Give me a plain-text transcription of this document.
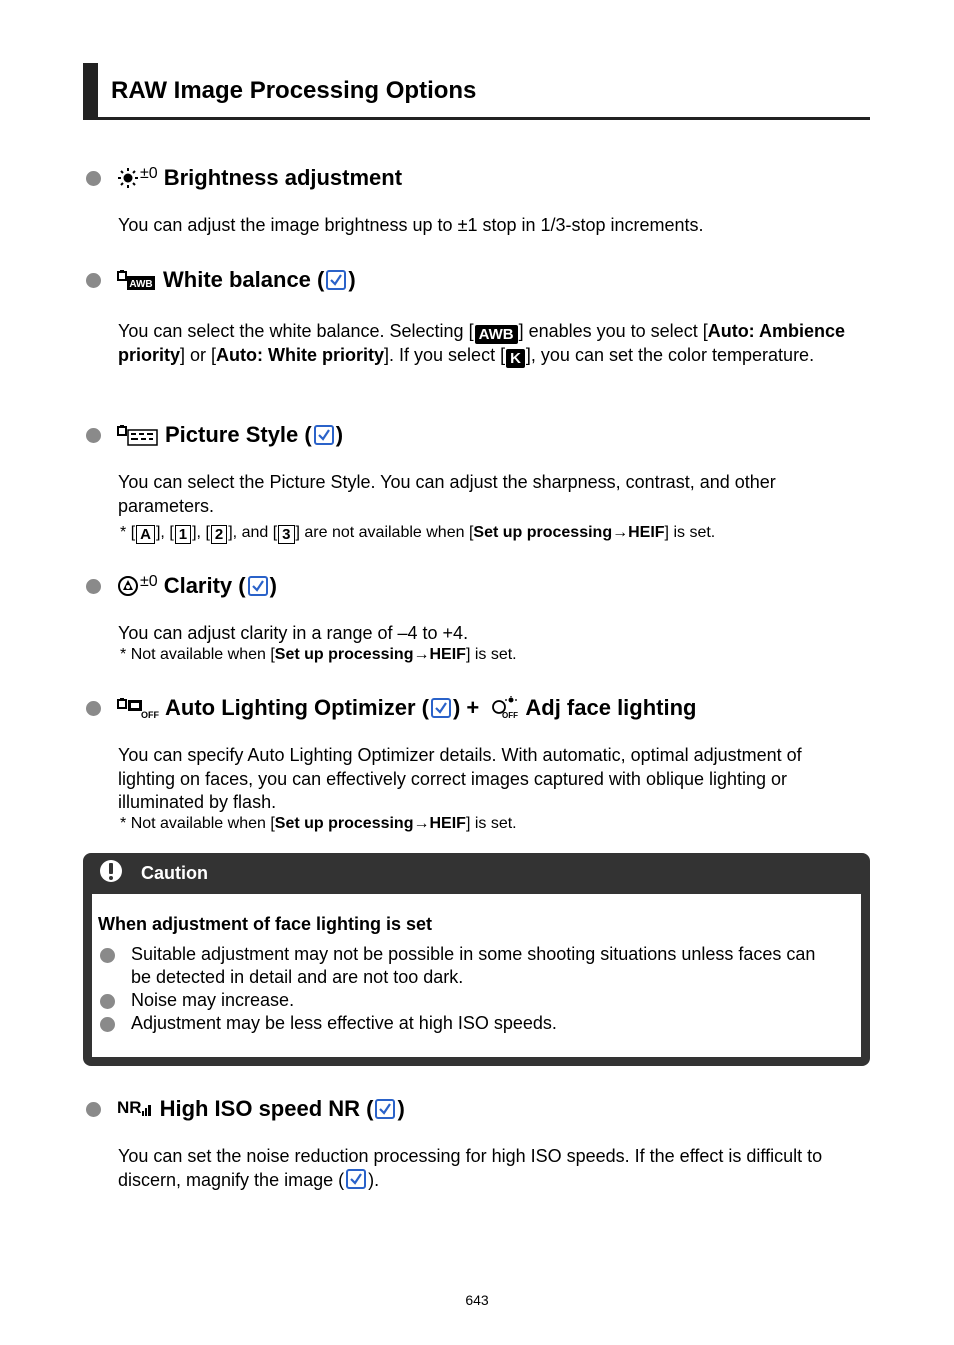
RAW Image Processing Options
±0 Brightness adjustment
You can adjust the image brightness up to ±1 stop in 1/3-stop increments.
AWB White balance ( )
You can select the white balance. Selecting [ AWB ] enables you to select [Auto: Ambience priority] or [Auto: White priority]. If you select [ K ], you can set the color temperature.
Picture Style ( )
You can select the Picture Style. You can adjust the sharpness, contrast, and other parameters.
* [ A ], [ 1 ], [ 2 ], and [ 3 ] are not available when [Set up processing→HEIF] is set.
±0 Clarity ( )
You can adjust clarity in a range of –4 to +4.
* Not available when [Set up processing→HEIF] is set.
OFF Auto Lighting Optimizer ( ) + OFF Adj face lighting
You can specify Auto Lighting Optimizer details. With automatic, optimal adjustment of lighting on faces, you can effectively correct images captured with oblique lighting or illuminated by flash.
* Not available when [Set up processing→HEIF] is set.
Caution
When adjustment of face lighting is set
Suitable adjustment may not be possible in some shooting situations unless faces can be detected in detail and are not too dark.
Noise may increase.
Adjustment may be less effective at high ISO speeds.
NR High ISO speed NR ( )
You can set the noise reduction processing for high ISO speeds. If the effect is difficult to discern, magnify the image ( ).
643
